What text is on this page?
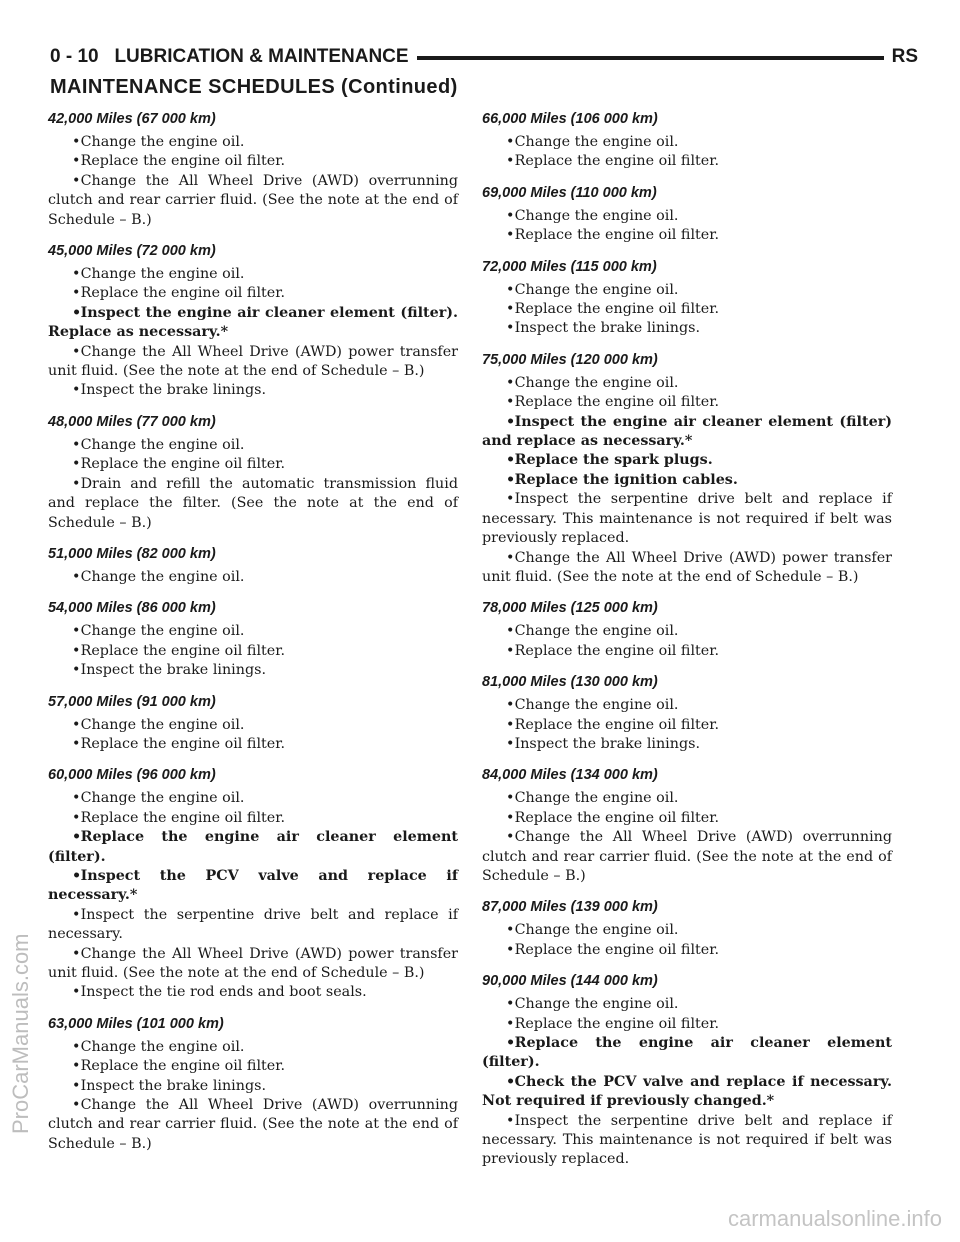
0 - 10 LUBRICATION & MAINTENANCE	RS
MAINTENANCE SCHEDULES (Continued)
42,000 Miles (67 000 km)
•Change the engine oil.
•Replace the engine oil filter.
•Change the All Wheel Drive (AWD) overrunning clutch and rear carrier fluid. (See the note at the end of Schedule – B.)
45,000 Miles (72 000 km)
•Change the engine oil.
•Replace the engine oil filter.
•Inspect the engine air cleaner element (filter). Replace as necessary.*
•Change the All Wheel Drive (AWD) power transfer unit fluid. (See the note at the end of Schedule – B.)
•Inspect the brake linings.
48,000 Miles (77 000 km)
•Change the engine oil.
•Replace the engine oil filter.
•Drain and refill the automatic transmission fluid and replace the filter. (See the note at the end of Schedule – B.)
51,000 Miles (82 000 km)
•Change the engine oil.
54,000 Miles (86 000 km)
•Change the engine oil.
•Replace the engine oil filter.
•Inspect the brake linings.
57,000 Miles (91 000 km)
•Change the engine oil.
•Replace the engine oil filter.
60,000 Miles (96 000 km)
•Change the engine oil.
•Replace the engine oil filter.
•Replace the engine air cleaner element (filter).
•Inspect the PCV valve and replace if necessary.*
•Inspect the serpentine drive belt and replace if necessary.
•Change the All Wheel Drive (AWD) power transfer unit fluid. (See the note at the end of Schedule – B.)
•Inspect the tie rod ends and boot seals.
63,000 Miles (101 000 km)
•Change the engine oil.
•Replace the engine oil filter.
•Inspect the brake linings.
•Change the All Wheel Drive (AWD) overrunning clutch and rear carrier fluid. (See the note at the end of Schedule – B.)
66,000 Miles (106 000 km)
•Change the engine oil.
•Replace the engine oil filter.
69,000 Miles (110 000 km)
•Change the engine oil.
•Replace the engine oil filter.
72,000 Miles (115 000 km)
•Change the engine oil.
•Replace the engine oil filter.
•Inspect the brake linings.
75,000 Miles (120 000 km)
•Change the engine oil.
•Replace the engine oil filter.
•Inspect the engine air cleaner element (filter) and replace as necessary.*
•Replace the spark plugs.
•Replace the ignition cables.
•Inspect the serpentine drive belt and replace if necessary. This maintenance is not required if belt was previously replaced.
•Change the All Wheel Drive (AWD) power transfer unit fluid. (See the note at the end of Schedule – B.)
78,000 Miles (125 000 km)
•Change the engine oil.
•Replace the engine oil filter.
81,000 Miles (130 000 km)
•Change the engine oil.
•Replace the engine oil filter.
•Inspect the brake linings.
84,000 Miles (134 000 km)
•Change the engine oil.
•Replace the engine oil filter.
•Change the All Wheel Drive (AWD) overrunning clutch and rear carrier fluid. (See the note at the end of Schedule – B.)
87,000 Miles (139 000 km)
•Change the engine oil.
•Replace the engine oil filter.
90,000 Miles (144 000 km)
•Change the engine oil.
•Replace the engine oil filter.
•Replace the engine air cleaner element (filter).
•Check the PCV valve and replace if necessary. Not required if previously changed.*
•Inspect the serpentine drive belt and replace if necessary. This maintenance is not required if belt was previously replaced.
ProCarManuals.com
carmanualsonline.info
